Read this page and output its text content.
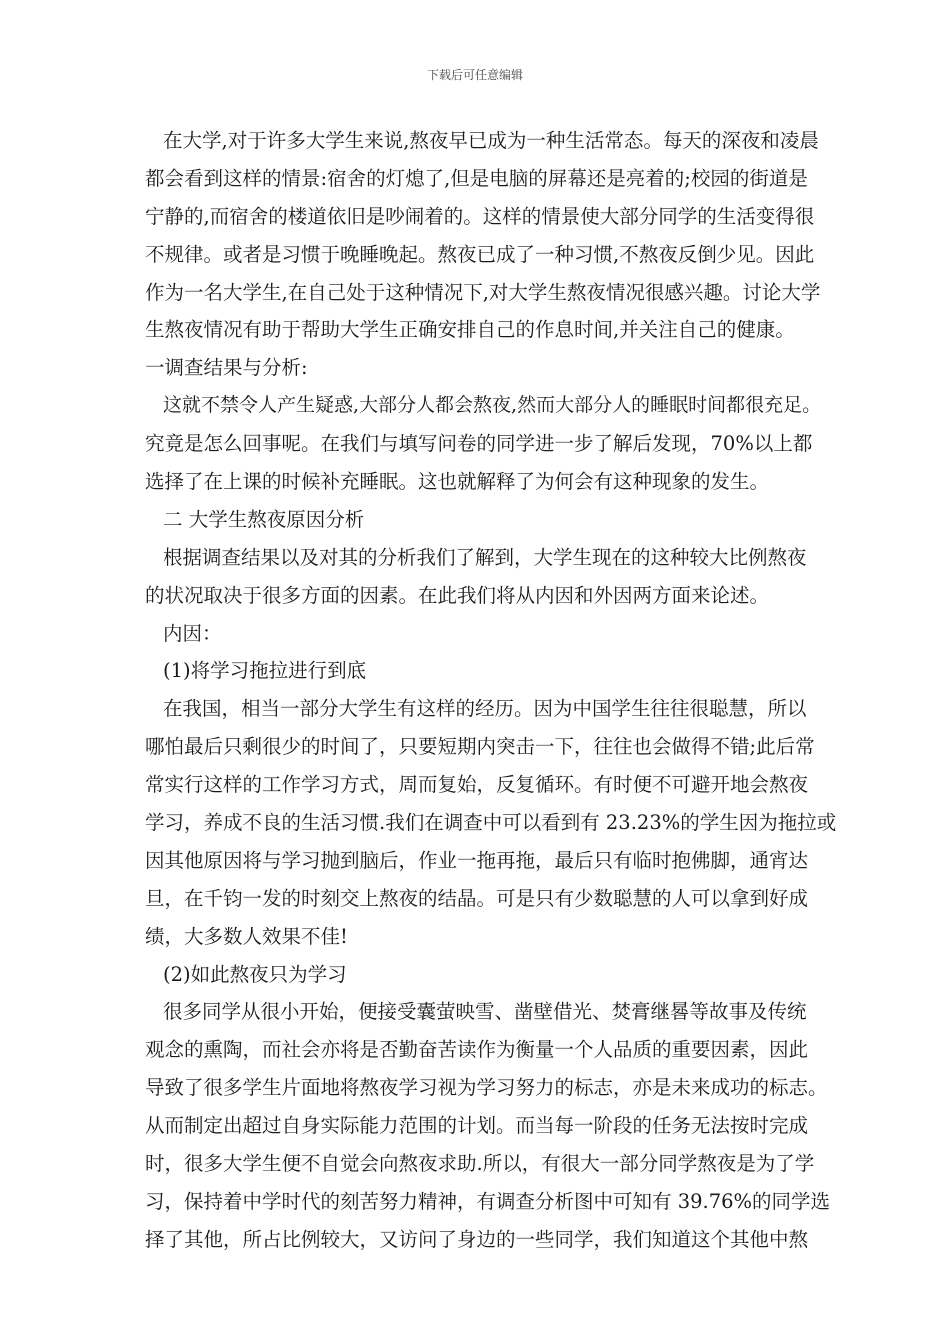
下载后可任意编辑
在大学,对于许多大学生来说,熬夜早已成为一种生活常态。每天的深夜和凌晨
都会看到这样的情景:宿舍的灯熄了,但是电脑的屏幕还是亮着的;校园的街道是
宁静的,而宿舍的楼道依旧是吵闹着的。这样的情景使大部分同学的生活变得很
不规律。或者是习惯于晚睡晚起。熬夜已成了一种习惯,不熬夜反倒少见。因此
作为一名大学生,在自己处于这种情况下,对大学生熬夜情况很感兴趣。讨论大学
生熬夜情况有助于帮助大学生正确安排自己的作息时间,并关注自己的健康。
一调查结果与分析:
这就不禁令人产生疑惑,大部分人都会熬夜,然而大部分人的睡眠时间都很充足。
究竟是怎么回事呢。在我们与填写问卷的同学进一步了解后发现，70%以上都
选择了在上课的时候补充睡眠。这也就解释了为何会有这种现象的发生。
二 大学生熬夜原因分析
根据调查结果以及对其的分析我们了解到，大学生现在的这种较大比例熬夜
的状况取决于很多方面的因素。在此我们将从内因和外因两方面来论述。
内因：
(1)将学习拖拉进行到底
在我国，相当一部分大学生有这样的经历。因为中国学生往往很聪慧，所以
哪怕最后只剩很少的时间了，只要短期内突击一下，往往也会做得不错;此后常
常实行这样的工作学习方式，周而复始，反复循环。有时便不可避开地会熬夜
学习，养成不良的生活习惯.我们在调查中可以看到有 23.23%的学生因为拖拉或
因其他原因将与学习抛到脑后，作业一拖再拖，最后只有临时抱佛脚，通宵达
旦，在千钧一发的时刻交上熬夜的结晶。可是只有少数聪慧的人可以拿到好成
绩，大多数人效果不佳!
(2)如此熬夜只为学习
很多同学从很小开始，便接受囊萤映雪、凿壁借光、焚膏继晷等故事及传统
观念的熏陶，而社会亦将是否勤奋苦读作为衡量一个人品质的重要因素，因此
导致了很多学生片面地将熬夜学习视为学习努力的标志，亦是未来成功的标志。
从而制定出超过自身实际能力范围的计划。而当每一阶段的任务无法按时完成
时，很多大学生便不自觉会向熬夜求助.所以，有很大一部分同学熬夜是为了学
习，保持着中学时代的刻苦努力精神，有调查分析图中可知有 39.76%的同学选
择了其他，所占比例较大，又访问了身边的一些同学，我们知道这个其他中熬
